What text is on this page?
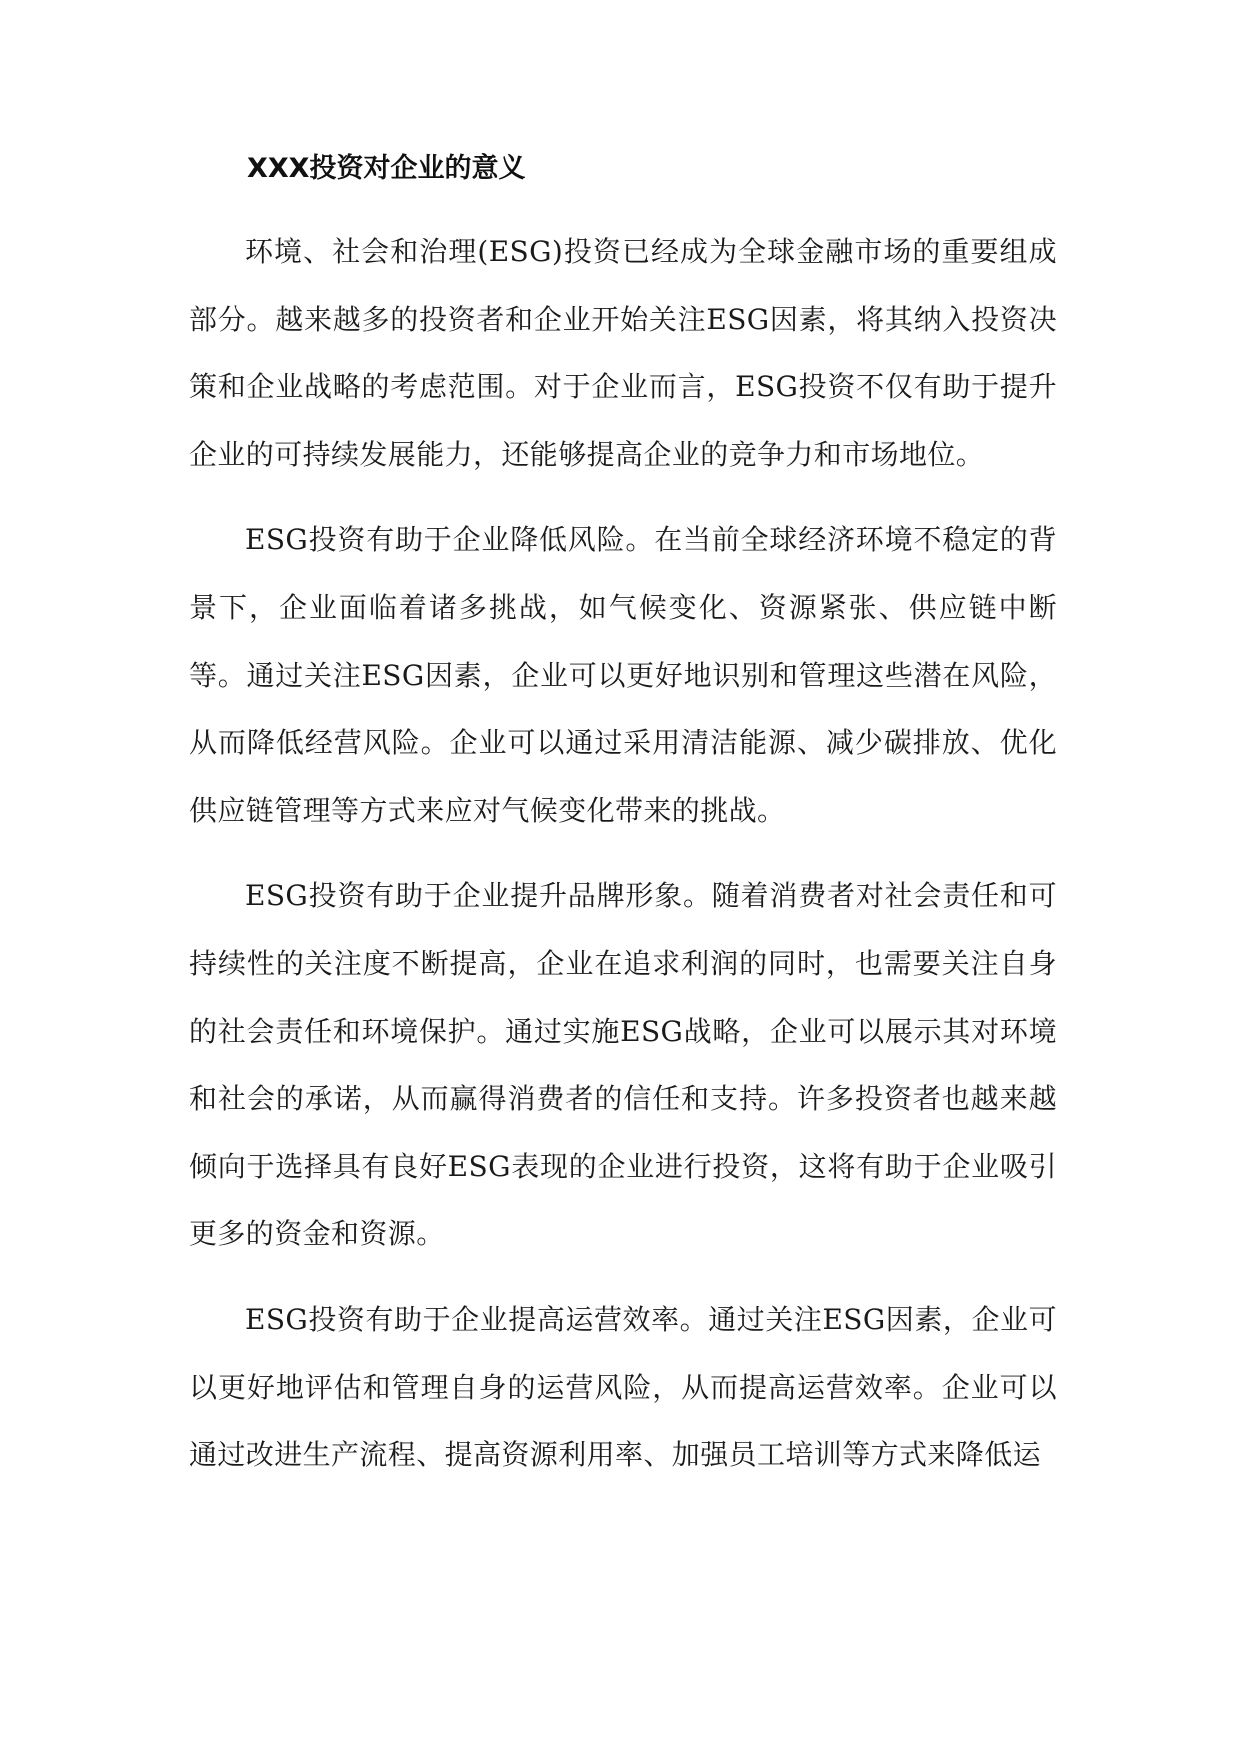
XXX投资对企业的意义

环境、社会和治理(ESG)投资已经成为全球金融市场的重要组成部分。越来越多的投资者和企业开始关注ESG因素，将其纳入投资决策和企业战略的考虑范围。对于企业而言，ESG投资不仅有助于提升企业的可持续发展能力，还能够提高企业的竞争力和市场地位。

ESG投资有助于企业降低风险。在当前全球经济环境不稳定的背景下，企业面临着诸多挑战，如气候变化、资源紧张、供应链中断等。通过关注ESG因素，企业可以更好地识别和管理这些潜在风险，从而降低经营风险。企业可以通过采用清洁能源、减少碳排放、优化供应链管理等方式来应对气候变化带来的挑战。

ESG投资有助于企业提升品牌形象。随着消费者对社会责任和可持续性的关注度不断提高，企业在追求利润的同时，也需要关注自身的社会责任和环境保护。通过实施ESG战略，企业可以展示其对环境和社会的承诺，从而赢得消费者的信任和支持。许多投资者也越来越倾向于选择具有良好ESG表现的企业进行投资，这将有助于企业吸引更多的资金和资源。

ESG投资有助于企业提高运营效率。通过关注ESG因素，企业可以更好地评估和管理自身的运营风险，从而提高运营效率。企业可以通过改进生产流程、提高资源利用率、加强员工培训等方式来降低运
